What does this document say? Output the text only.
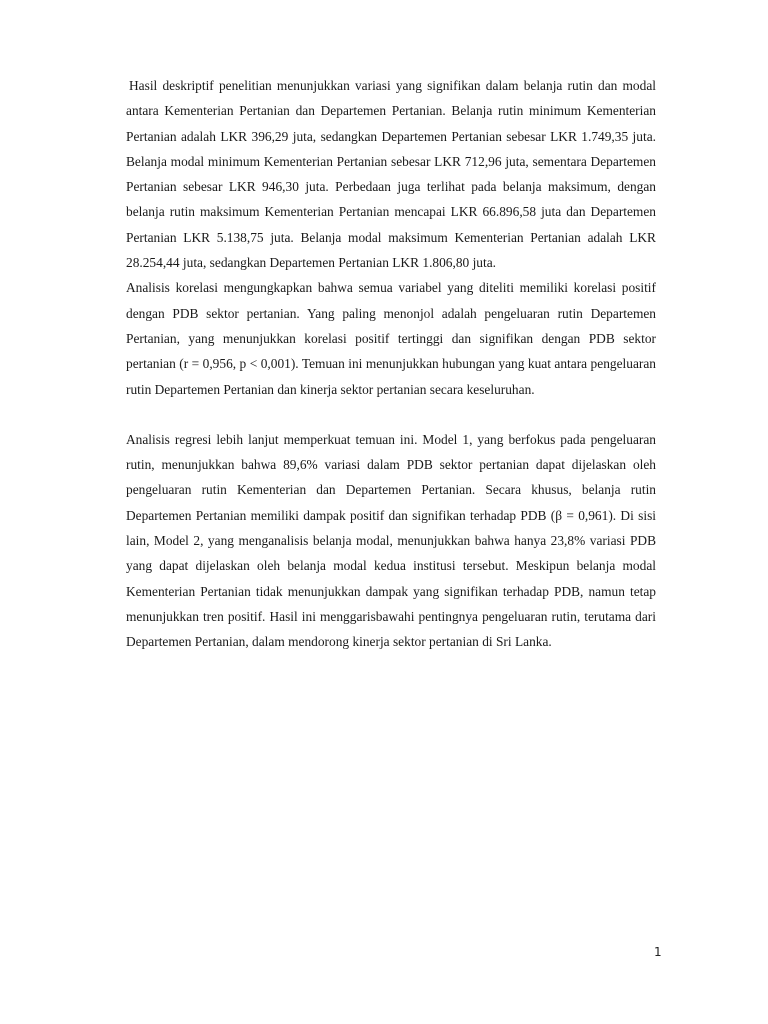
Hasil deskriptif penelitian menunjukkan variasi yang signifikan dalam belanja rutin dan modal antara Kementerian Pertanian dan Departemen Pertanian. Belanja rutin minimum Kementerian Pertanian adalah LKR 396,29 juta, sedangkan Departemen Pertanian sebesar LKR 1.749,35 juta. Belanja modal minimum Kementerian Pertanian sebesar LKR 712,96 juta, sementara Departemen Pertanian sebesar LKR 946,30 juta. Perbedaan juga terlihat pada belanja maksimum, dengan belanja rutin maksimum Kementerian Pertanian mencapai LKR 66.896,58 juta dan Departemen Pertanian LKR 5.138,75 juta. Belanja modal maksimum Kementerian Pertanian adalah LKR 28.254,44 juta, sedangkan Departemen Pertanian LKR 1.806,80 juta.

Analisis korelasi mengungkapkan bahwa semua variabel yang diteliti memiliki korelasi positif dengan PDB sektor pertanian. Yang paling menonjol adalah pengeluaran rutin Departemen Pertanian, yang menunjukkan korelasi positif tertinggi dan signifikan dengan PDB sektor pertanian (r = 0,956, p < 0,001). Temuan ini menunjukkan hubungan yang kuat antara pengeluaran rutin Departemen Pertanian dan kinerja sektor pertanian secara keseluruhan.

Analisis regresi lebih lanjut memperkuat temuan ini. Model 1, yang berfokus pada pengeluaran rutin, menunjukkan bahwa 89,6% variasi dalam PDB sektor pertanian dapat dijelaskan oleh pengeluaran rutin Kementerian dan Departemen Pertanian. Secara khusus, belanja rutin Departemen Pertanian memiliki dampak positif dan signifikan terhadap PDB (β = 0,961). Di sisi lain, Model 2, yang menganalisis belanja modal, menunjukkan bahwa hanya 23,8% variasi PDB yang dapat dijelaskan oleh belanja modal kedua institusi tersebut. Meskipun belanja modal Kementerian Pertanian tidak menunjukkan dampak yang signifikan terhadap PDB, namun tetap menunjukkan tren positif. Hasil ini menggarisbawahi pentingnya pengeluaran rutin, terutama dari Departemen Pertanian, dalam mendorong kinerja sektor pertanian di Sri Lanka.

1
